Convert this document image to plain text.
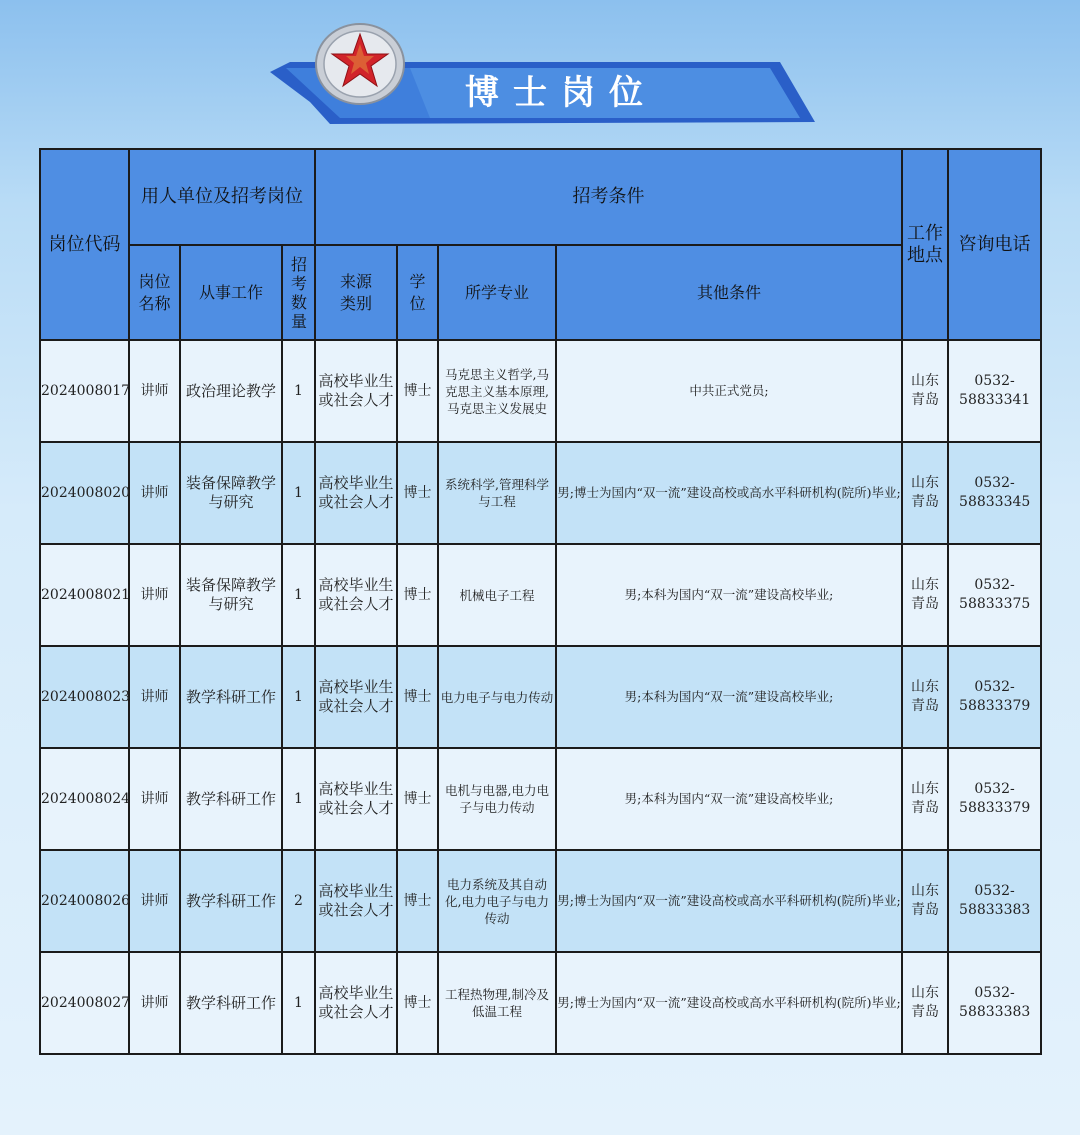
博士岗位
岗位代码	用人单位及招考岗位			招考条件				工作地点	咨询电话
	岗位名称	从事工作	招考数量	来源类别	学位	所学专业	其他条件		
2024008017	讲师	政治理论教学	1	高校毕业生或社会人才	博士	马克思主义哲学,马克思主义基本原理,马克思主义发展史	中共正式党员;	山东青岛	0532-58833341
2024008020	讲师	装备保障教学与研究	1	高校毕业生或社会人才	博士	系统科学,管理科学与工程	男;博士为国内“双一流”建设高校或高水平科研机构(院所)毕业;	山东青岛	0532-58833345
2024008021	讲师	装备保障教学与研究	1	高校毕业生或社会人才	博士	机械电子工程	男;本科为国内“双一流”建设高校毕业;	山东青岛	0532-58833375
2024008023	讲师	教学科研工作	1	高校毕业生或社会人才	博士	电力电子与电力传动	男;本科为国内“双一流”建设高校毕业;	山东青岛	0532-58833379
2024008024	讲师	教学科研工作	1	高校毕业生或社会人才	博士	电机与电器,电力电子与电力传动	男;本科为国内“双一流”建设高校毕业;	山东青岛	0532-58833379
2024008026	讲师	教学科研工作	2	高校毕业生或社会人才	博士	电力系统及其自动化,电力电子与电力传动	男;博士为国内“双一流”建设高校或高水平科研机构(院所)毕业;	山东青岛	0532-58833383
2024008027	讲师	教学科研工作	1	高校毕业生或社会人才	博士	工程热物理,制冷及低温工程	男;博士为国内“双一流”建设高校或高水平科研机构(院所)毕业;	山东青岛	0532-58833383
